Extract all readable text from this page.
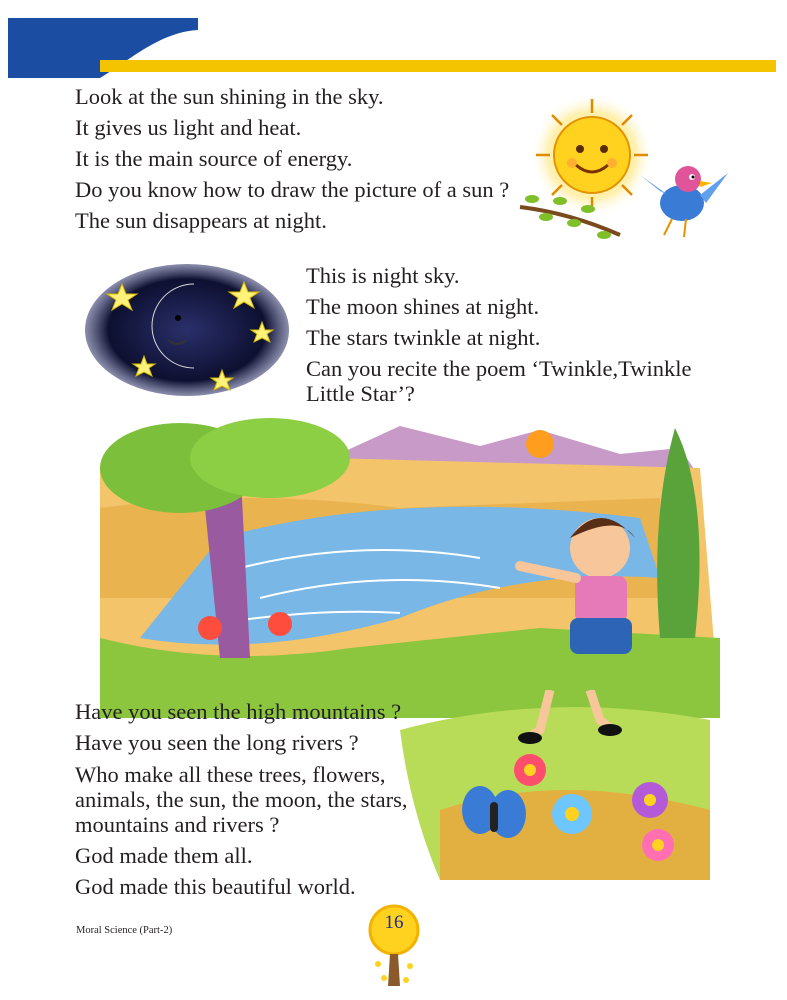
Look at the sun shining in the sky.
It gives us light and heat.
It is the main source of energy.
Do you know how to draw the picture of a sun ?
The sun disappears at night.
This is night sky.
The moon shines at night.
The stars twinkle at night.
Can you recite the poem ‘Twinkle,Twinkle
Little Star’?
Have you seen the high mountains ?
Have you seen the long rivers ?
Who make all these trees, flowers,
animals, the sun, the moon, the stars,
mountains and rivers ?
God made them all.
God made this beautiful world.
Moral Science (Part-2)	16
